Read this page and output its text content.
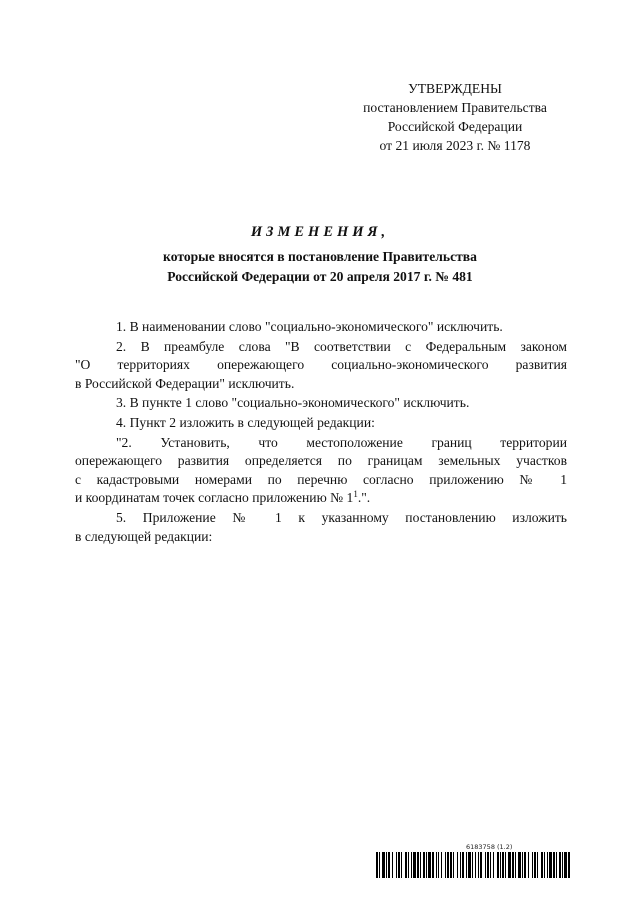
УТВЕРЖДЕНЫ
постановлением Правительства
Российской Федерации
от 21 июля 2023 г. № 1178
ИЗМЕНЕНИЯ,
которые вносятся в постановление Правительства
Российской Федерации от 20 апреля 2017 г. № 481

1. В наименовании слово "социально-экономического" исключить.

2. В преамбуле слова "В соответствии с Федеральным законом
"О территориях опережающего социально-экономического развития
в Российской Федерации" исключить.

3. В пункте 1 слово "социально-экономического" исключить.

4. Пункт 2 изложить в следующей редакции:

"2. Установить, что местоположение границ территории
опережающего развития определяется по границам земельных участков
с кадастровыми номерами по перечню согласно приложению № 1
и координатам точек согласно приложению № $1^1$.".
5. Приложение № 1 к указанному постановлению изложить
в следующей редакции:
6183758 (1.2)
